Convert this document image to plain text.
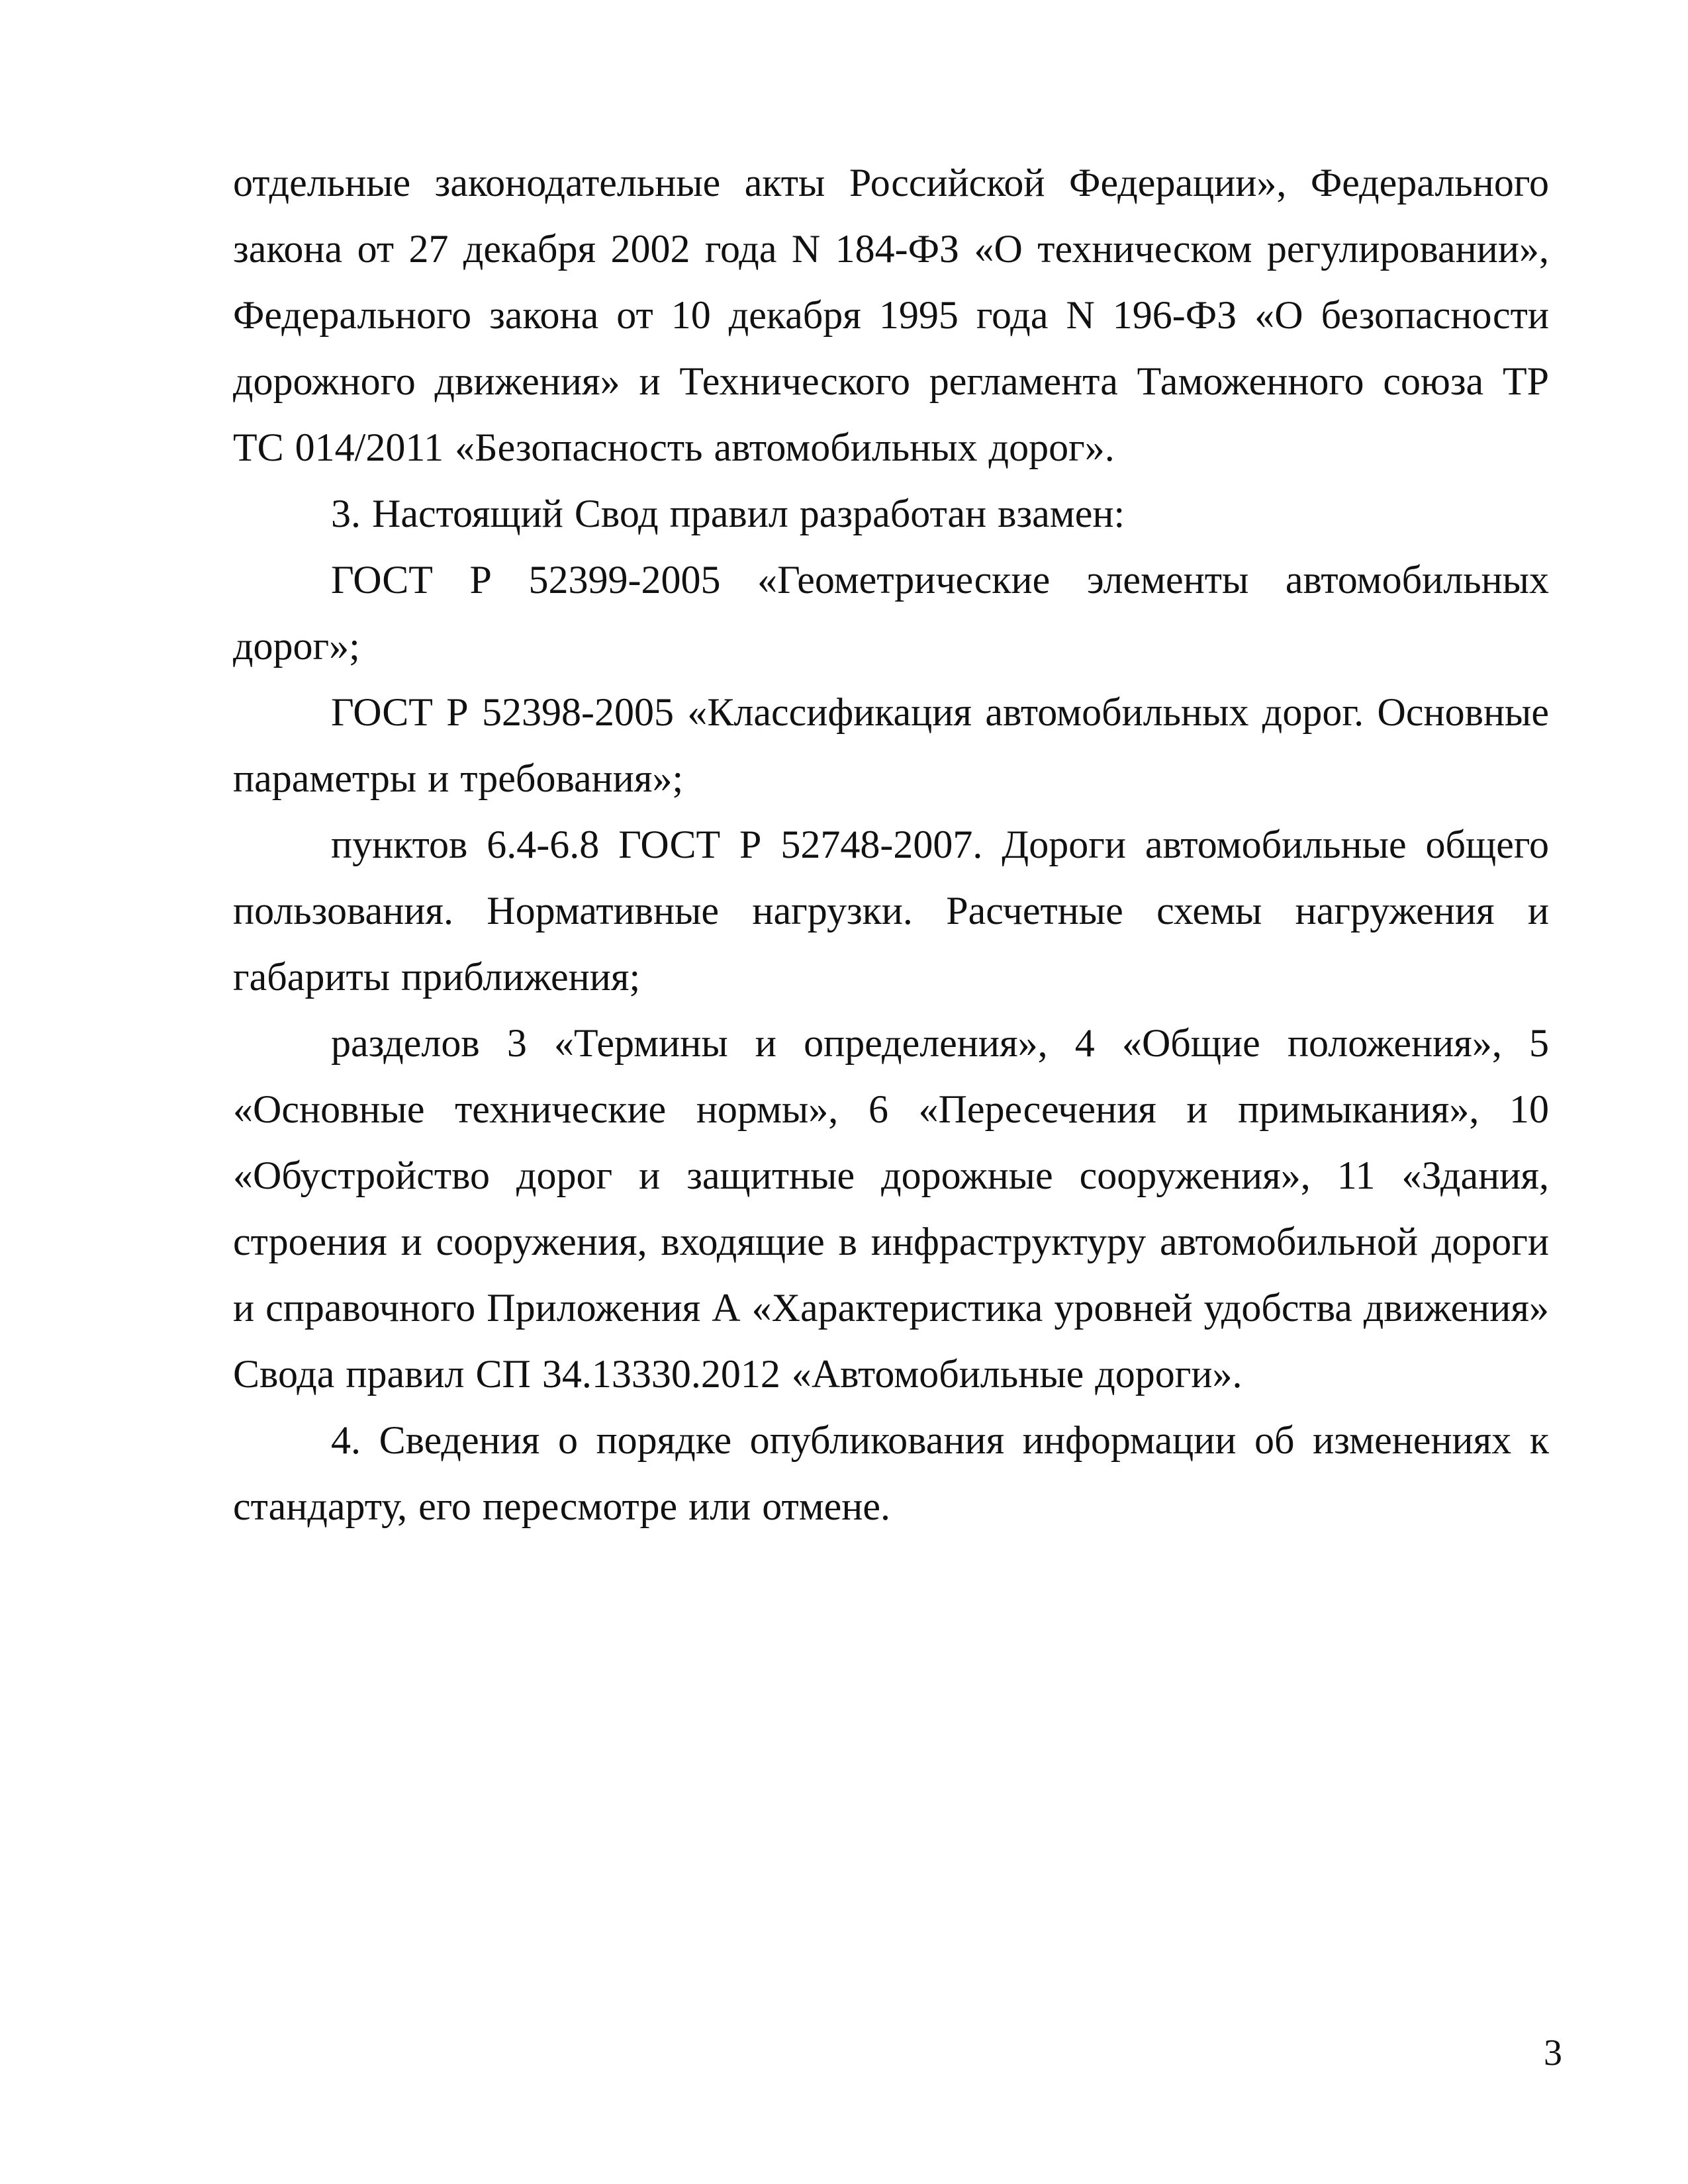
отдельные законодательные акты Российской Федерации», Федерального закона от 27 декабря 2002 года N 184-ФЗ «О техническом регулировании», Федерального закона от 10 декабря 1995 года N 196-ФЗ «О безопасности дорожного движения» и Технического регламента Таможенного союза ТР ТС 014/2011 «Безопасность автомобильных дорог».

3. Настоящий Свод правил разработан взамен:

ГОСТ Р 52399-2005 «Геометрические элементы автомобильных дорог»;

ГОСТ Р 52398-2005 «Классификация автомобильных дорог. Основные параметры и требования»;

пунктов 6.4-6.8 ГОСТ Р 52748-2007. Дороги автомобильные общего пользования. Нормативные нагрузки. Расчетные схемы нагружения и габариты приближения;

разделов 3 «Термины и определения», 4 «Общие положения», 5 «Основные технические нормы», 6 «Пересечения и примыкания», 10 «Обустройство дорог и защитные дорожные сооружения», 11 «Здания, строения и сооружения, входящие в инфраструктуру автомобильной дороги и справочного Приложения А «Характеристика уровней удобства движения» Свода правил СП 34.13330.2012 «Автомобильные дороги».

4. Сведения о порядке опубликования информации об изменениях к стандарту, его пересмотре или отмене.

3
